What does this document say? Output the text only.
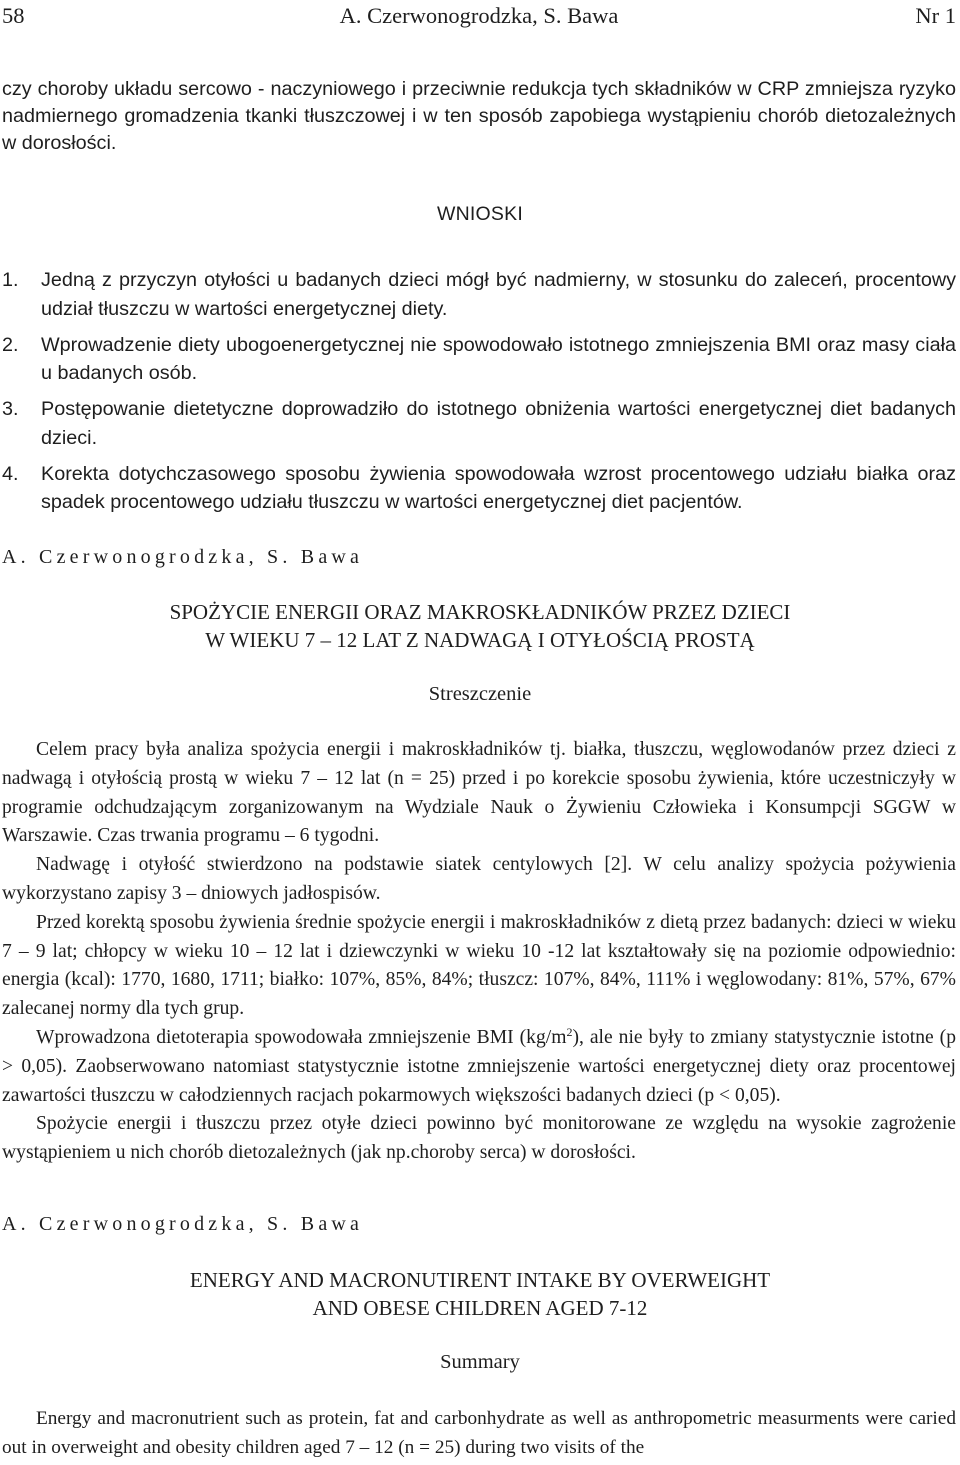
58	A. Czerwonogrodzka, S. Bawa	Nr 1

czy choroby układu sercowo - naczyniowego i przeciwnie redukcja tych składników w CRP zmniejsza ryzyko nadmiernego gromadzenia tkanki tłuszczowej i w ten sposób zapobiega wystąpieniu chorób dietozależnych w dorosłości.

WNIOSKI
1. Jedną z przyczyn otyłości u badanych dzieci mógł być nadmierny, w stosunku do zaleceń, procentowy udział tłuszczu w wartości energetycznej diety.
2. Wprowadzenie diety ubogoenergetycznej nie spowodowało istotnego zmniejszenia BMI oraz masy ciała u badanych osób.
3. Postępowanie dietetyczne doprowadziło do istotnego obniżenia wartości energetycznej diet badanych dzieci.
4. Korekta dotychczasowego sposobu żywienia spowodowała wzrost procentowego udziału białka oraz spadek procentowego udziału tłuszczu w wartości energetycznej diet pacjentów.
A. Czerwonogrodzka, S. Bawa
SPOŻYCIE ENERGII ORAZ MAKROSKŁADNIKÓW PRZEZ DZIECI
W WIEKU 7 – 12 LAT Z NADWAGĄ I OTYŁOŚCIĄ PROSTĄ
Streszczenie

Celem pracy była analiza spożycia energii i makroskładników tj. białka, tłuszczu, węglowodanów przez dzieci z nadwagą i otyłością prostą w wieku 7 – 12 lat (n = 25) przed i po korekcie sposobu żywienia, które uczestniczyły w programie odchudzającym zorganizowanym na Wydziale Nauk o Żywieniu Człowieka i Konsumpcji SGGW w Warszawie. Czas trwania programu – 6 tygodni.

Nadwagę i otyłość stwierdzono na podstawie siatek centylowych [2]. W celu analizy spożycia pożywienia wykorzystano zapisy 3 – dniowych jadłospisów.

Przed korektą sposobu żywienia średnie spożycie energii i makroskładników z dietą przez badanych: dzieci w wieku 7 – 9 lat; chłopcy w wieku 10 – 12 lat i dziewczynki w wieku 10 -12 lat kształtowały się na poziomie odpowiednio: energia (kcal): 1770, 1680, 1711; białko: 107%, 85%, 84%; tłuszcz: 107%, 84%, 111% i węglowodany: 81%, 57%, 67% zalecanej normy dla tych grup.

Wprowadzona dietoterapia spowodowała zmniejszenie BMI $(kg/m^2)$, ale nie były to zmiany statystycznie istotne (p > 0,05). Zaobserwowano natomiast statystycznie istotne zmniejszenie wartości energetycznej diety oraz procentowej zawartości tłuszczu w całodziennych racjach pokarmowych większości badanych dzieci (p < 0,05).

Spożycie energii i tłuszczu przez otyłe dzieci powinno być monitorowane ze względu na wysokie zagrożenie wystąpieniem u nich chorób dietozależnych (jak np.choroby serca) w dorosłości.

A. Czerwonogrodzka, S. Bawa
ENERGY AND MACRONUTIRENT INTAKE BY OVERWEIGHT
AND OBESE CHILDREN AGED 7-12
Summary

Energy and macronutrient such as protein, fat and carbonhydrate as well as anthropometric measurments were caried out in overweight and obesity children aged 7 – 12 (n = 25) during two visits of the
